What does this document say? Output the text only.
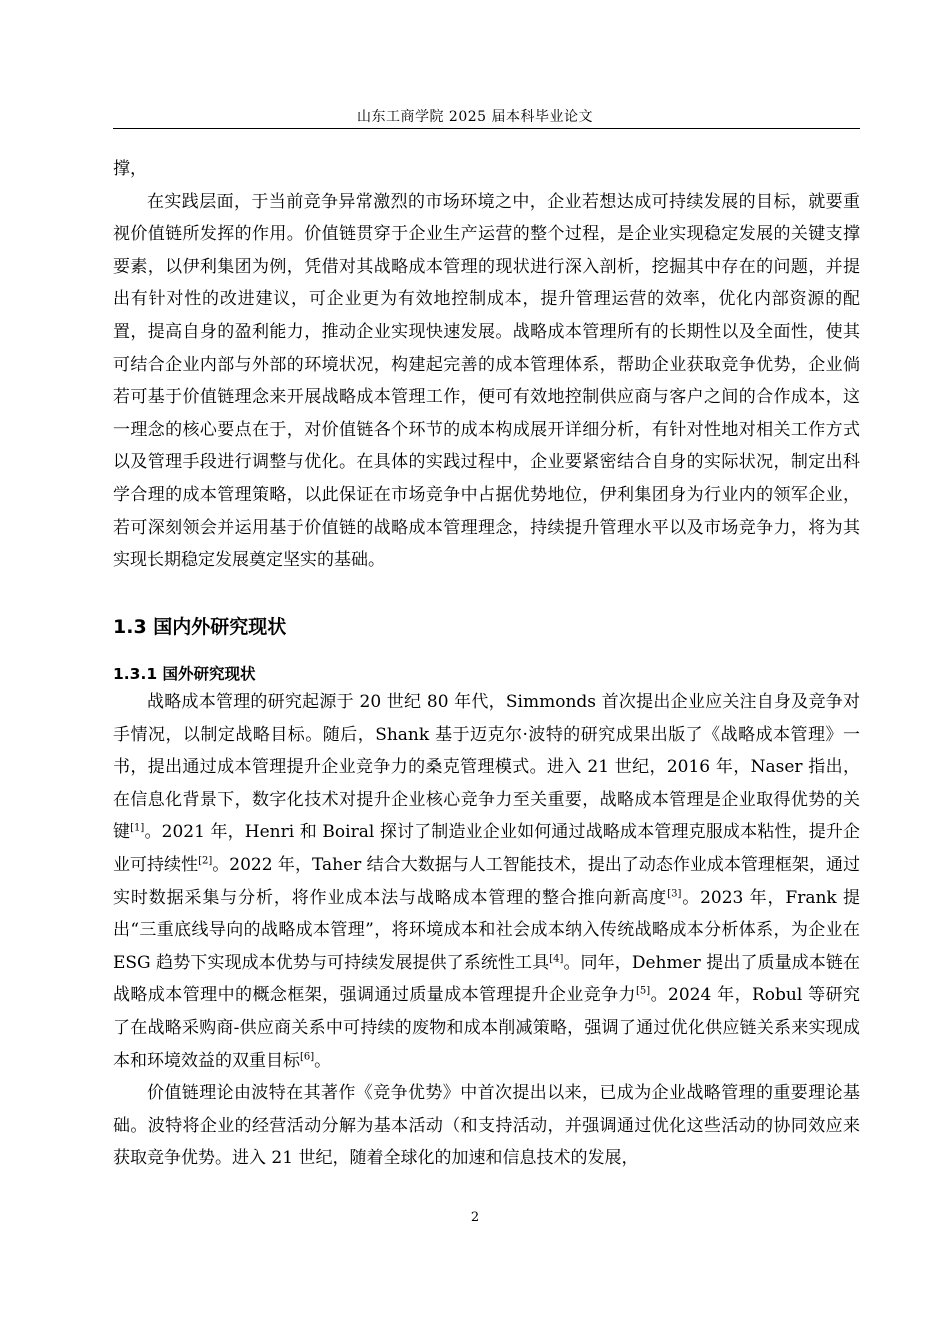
山东工商学院 2025 届本科毕业论文

撑，

在实践层面，于当前竞争异常激烈的市场环境之中，企业若想达成可持续发展的目标，就要重视价值链所发挥的作用。价值链贯穿于企业生产运营的整个过程，是企业实现稳定发展的关键支撑要素，以伊利集团为例，凭借对其战略成本管理的现状进行深入剖析，挖掘其中存在的问题，并提出有针对性的改进建议，可企业更为有效地控制成本，提升管理运营的效率，优化内部资源的配置，提高自身的盈利能力，推动企业实现快速发展。战略成本管理所有的长期性以及全面性，使其可结合企业内部与外部的环境状况，构建起完善的成本管理体系，帮助企业获取竞争优势，企业倘若可基于价值链理念来开展战略成本管理工作，便可有效地控制供应商与客户之间的合作成本，这一理念的核心要点在于，对价值链各个环节的成本构成展开详细分析，有针对性地对相关工作方式以及管理手段进行调整与优化。在具体的实践过程中，企业要紧密结合自身的实际状况，制定出科学合理的成本管理策略，以此保证在市场竞争中占据优势地位，伊利集团身为行业内的领军企业，若可深刻领会并运用基于价值链的战略成本管理理念，持续提升管理水平以及市场竞争力，将为其实现长期稳定发展奠定坚实的基础。

1.3 国内外研究现状
1.3.1 国外研究现状

战略成本管理的研究起源于 20 世纪 80 年代，Simmonds 首次提出企业应关注自身及竞争对手情况，以制定战略目标。随后，Shank 基于迈克尔·波特的研究成果出版了《战略成本管理》一书，提出通过成本管理提升企业竞争力的桑克管理模式。进入 21 世纪，2016 年，Naser 指出，在信息化背景下，数字化技术对提升企业核心竞争力至关重要，战略成本管理是企业取得优势的关键[1]。2021 年，Henri 和 Boiral 探讨了制造业企业如何通过战略成本管理克服成本粘性，提升企业可持续性[2]。2022 年，Taher 结合大数据与人工智能技术，提出了动态作业成本管理框架，通过实时数据采集与分析，将作业成本法与战略成本管理的整合推向新高度[3]。2023 年，Frank 提出“三重底线导向的战略成本管理”，将环境成本和社会成本纳入传统战略成本分析体系，为企业在 ESG 趋势下实现成本优势与可持续发展提供了系统性工具[4]。同年，Dehmer 提出了质量成本链在战略成本管理中的概念框架，强调通过质量成本管理提升企业竞争力[5]。2024 年，Robul 等研究了在战略采购商-供应商关系中可持续的废物和成本削减策略，强调了通过优化供应链关系来实现成本和环境效益的双重目标[6]。

价值链理论由波特在其著作《竞争优势》中首次提出以来，已成为企业战略管理的重要理论基础。波特将企业的经营活动分解为基本活动（和支持活动，并强调通过优化这些活动的协同效应来获取竞争优势。进入 21 世纪，随着全球化的加速和信息技术的发展，

2
